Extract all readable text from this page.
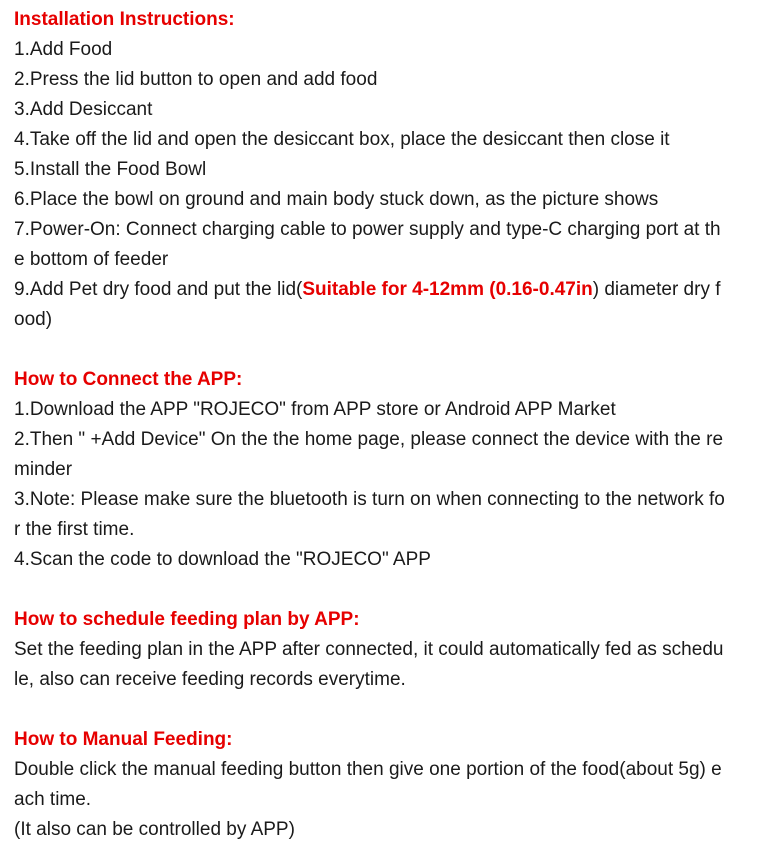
Installation Instructions:

1.Add Food

2.Press the lid button to open and add food

3.Add Desiccant

4.Take off the lid and open the desiccant box, place the desiccant then close it

5.Install the Food Bowl

6.Place the bowl on ground and main body stuck down, as the picture shows

7.Power-On: Connect charging cable to power supply and type-C charging port at th

e bottom of feeder

9.Add Pet dry food and put the lid(Suitable for 4-12mm (0.16-0.47in) diameter dry f

ood)

How to Connect the APP:

1.Download the APP "ROJECO" from APP store or Android APP Market

2.Then " +Add Device" On the the home page, please connect the device with the re

minder

3.Note: Please make sure the bluetooth is turn on when connecting to the network fo

r the first time.

4.Scan the code to download the "ROJECO" APP

How to schedule feeding plan by APP:

Set the feeding plan in the APP after connected, it could automatically fed as schedu

le, also can receive feeding records everytime.

How to Manual Feeding:

Double click the manual feeding button then give one portion of the food(about 5g) e

ach time.

(It also can be controlled by APP)
